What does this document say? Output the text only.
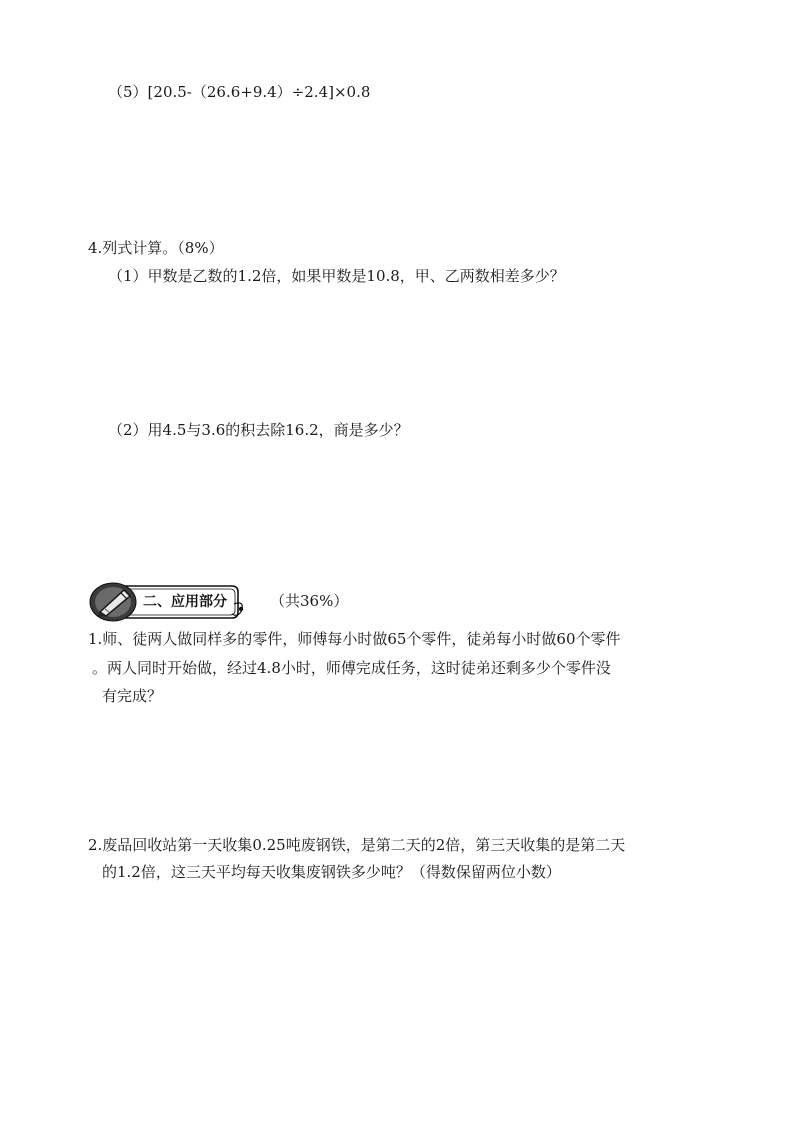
（5）[20.5-（26.6+9.4）÷2.4]×0.8
4.列式计算。（8%）
（1）甲数是乙数的1.2倍，如果甲数是10.8，甲、乙两数相差多少？
（2）用4.5与3.6的积去除16.2，商是多少？
二、应用部分	（共36%）
1.师、徒两人做同样多的零件，师傅每小时做65个零件，徒弟每小时做60个零件
。两人同时开始做，经过4.8小时，师傅完成任务，这时徒弟还剩多少个零件没
有完成？
2.废品回收站第一天收集0.25吨废钢铁，是第二天的2倍，第三天收集的是第二天
的1.2倍，这三天平均每天收集废钢铁多少吨？（得数保留两位小数）
